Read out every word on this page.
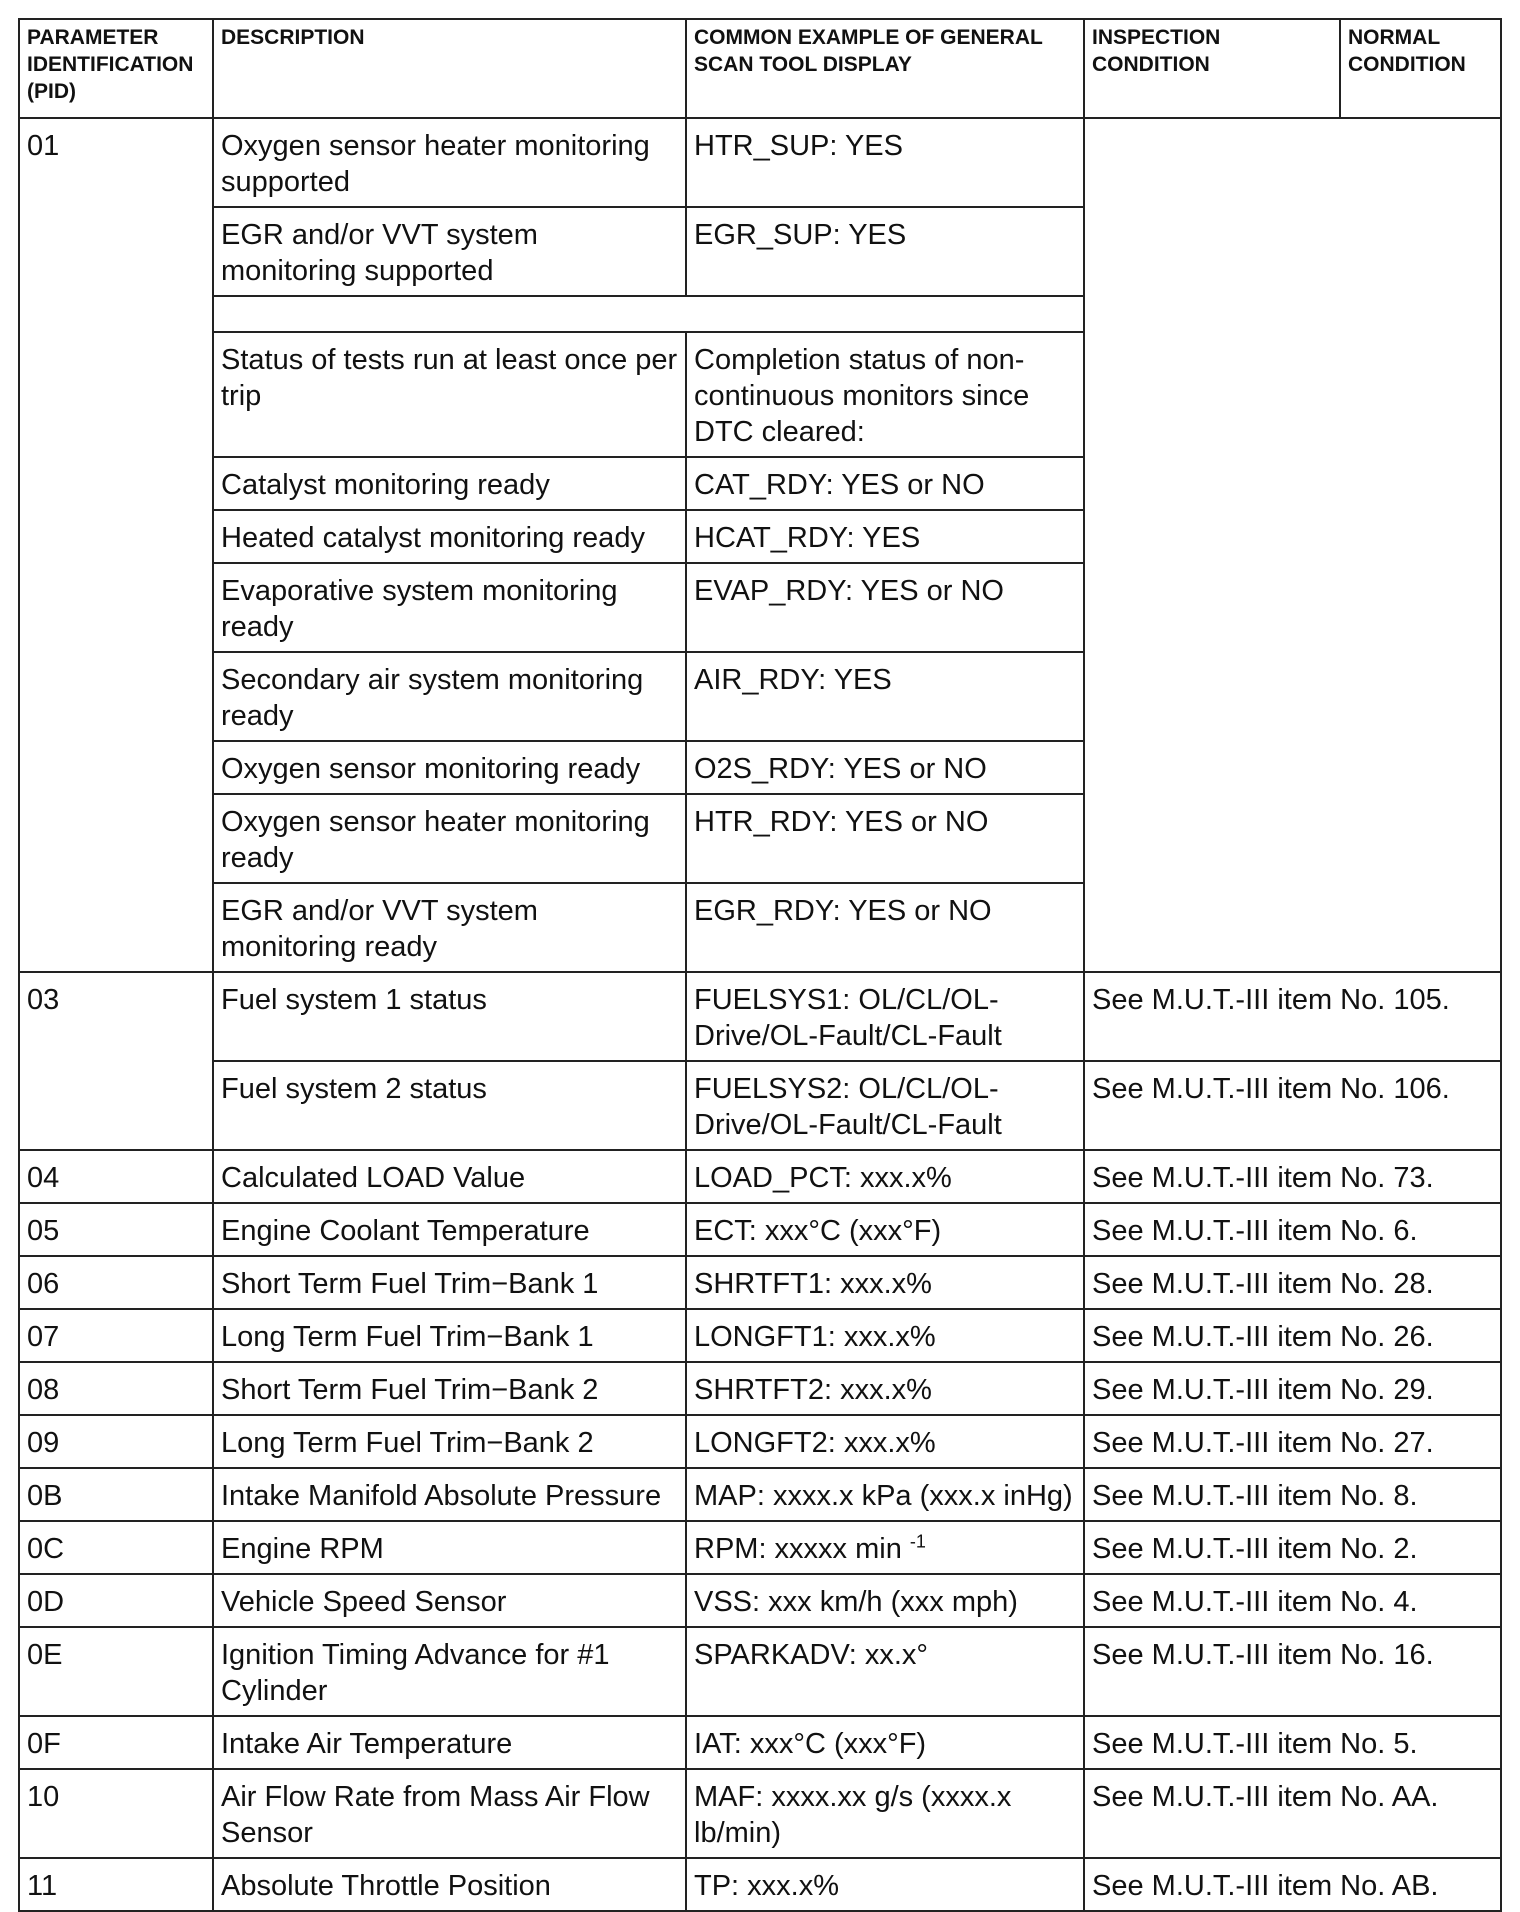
PARAMETER IDENTIFICATION (PID)	DESCRIPTION	COMMON EXAMPLE OF GENERAL SCAN TOOL DISPLAY	INSPECTION CONDITION	NORMAL CONDITION
01	Oxygen sensor heater monitoring supported	HTR_SUP: YES		
	EGR and/or VVT system monitoring supported	EGR_SUP: YES		

	Status of tests run at least once per trip	Completion status of non-continuous monitors since DTC cleared:		
	Catalyst monitoring ready	CAT_RDY: YES or NO		
	Heated catalyst monitoring ready	HCAT_RDY: YES		
	Evaporative system monitoring ready	EVAP_RDY: YES or NO		
	Secondary air system monitoring ready	AIR_RDY: YES		
	Oxygen sensor monitoring ready	O2S_RDY: YES or NO		
	Oxygen sensor heater monitoring ready	HTR_RDY: YES or NO		
	EGR and/or VVT system monitoring ready	EGR_RDY: YES or NO		
03	Fuel system 1 status	FUELSYS1: OL/CL/OL-Drive/OL-Fault/CL-Fault	See M.U.T.-III item No. 105.	
	Fuel system 2 status	FUELSYS2: OL/CL/OL-Drive/OL-Fault/CL-Fault	See M.U.T.-III item No. 106.	
04	Calculated LOAD Value	LOAD_PCT: xxx.x%	See M.U.T.-III item No. 73.	
05	Engine Coolant Temperature	ECT: xxx°C (xxx°F)	See M.U.T.-III item No. 6.	
06	Short Term Fuel Trim−Bank 1	SHRTFT1: xxx.x%	See M.U.T.-III item No. 28.	
07	Long Term Fuel Trim−Bank 1	LONGFT1: xxx.x%	See M.U.T.-III item No. 26.	
08	Short Term Fuel Trim−Bank 2	SHRTFT2: xxx.x%	See M.U.T.-III item No. 29.	
09	Long Term Fuel Trim−Bank 2	LONGFT2: xxx.x%	See M.U.T.-III item No. 27.	
0B	Intake Manifold Absolute Pressure	MAP: xxxx.x kPa (xxx.x inHg)	See M.U.T.-III item No. 8.	
0C	Engine RPM	RPM: xxxxx min $^{-1}$	See M.U.T.-III item No. 2.	
0D	Vehicle Speed Sensor	VSS: xxx km/h (xxx mph)	See M.U.T.-III item No. 4.	
0E	Ignition Timing Advance for #1 Cylinder	SPARKADV: xx.x°	See M.U.T.-III item No. 16.	
0F	Intake Air Temperature	IAT: xxx°C (xxx°F)	See M.U.T.-III item No. 5.	
10	Air Flow Rate from Mass Air Flow Sensor	MAF: xxxx.xx g/s (xxxx.x lb/min)	See M.U.T.-III item No. AA.	
11	Absolute Throttle Position	TP: xxx.x%	See M.U.T.-III item No. AB.	
